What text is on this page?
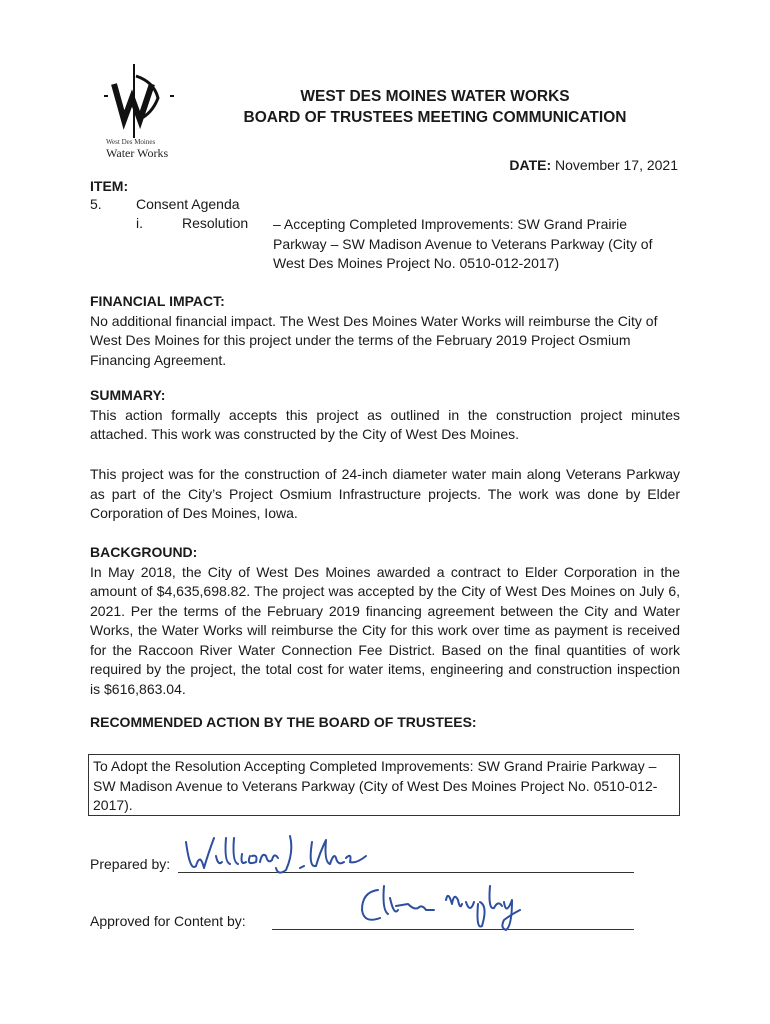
West Des Moines
Water Works
WEST DES MOINES WATER WORKS
BOARD OF TRUSTEES MEETING COMMUNICATION
DATE: November 17, 2021
ITEM:
5. Consent Agenda
i.	Resolution – Accepting Completed Improvements: SW Grand Prairie Parkway – SW Madison Avenue to Veterans Parkway (City of West Des Moines Project No. 0510-012-2017)
FINANCIAL IMPACT:
No additional financial impact. The West Des Moines Water Works will reimburse the City of West Des Moines for this project under the terms of the February 2019 Project Osmium Financing Agreement.
SUMMARY:
This action formally accepts this project as outlined in the construction project minutes attached. This work was constructed by the City of West Des Moines.
This project was for the construction of 24-inch diameter water main along Veterans Parkway as part of the City’s Project Osmium Infrastructure projects. The work was done by Elder Corporation of Des Moines, Iowa.
BACKGROUND:
In May 2018, the City of West Des Moines awarded a contract to Elder Corporation in the amount of $4,635,698.82. The project was accepted by the City of West Des Moines on July 6, 2021. Per the terms of the February 2019 financing agreement between the City and Water Works, the Water Works will reimburse the City for this work over time as payment is received for the Raccoon River Water Connection Fee District. Based on the final quantities of work required by the project, the total cost for water items, engineering and construction inspection is $616,863.04.
RECOMMENDED ACTION BY THE BOARD OF TRUSTEES:
To Adopt the Resolution Accepting Completed Improvements: SW Grand Prairie Parkway – SW Madison Avenue to Veterans Parkway (City of West Des Moines Project No. 0510-012-2017).
Prepared by:
Approved for Content by:
